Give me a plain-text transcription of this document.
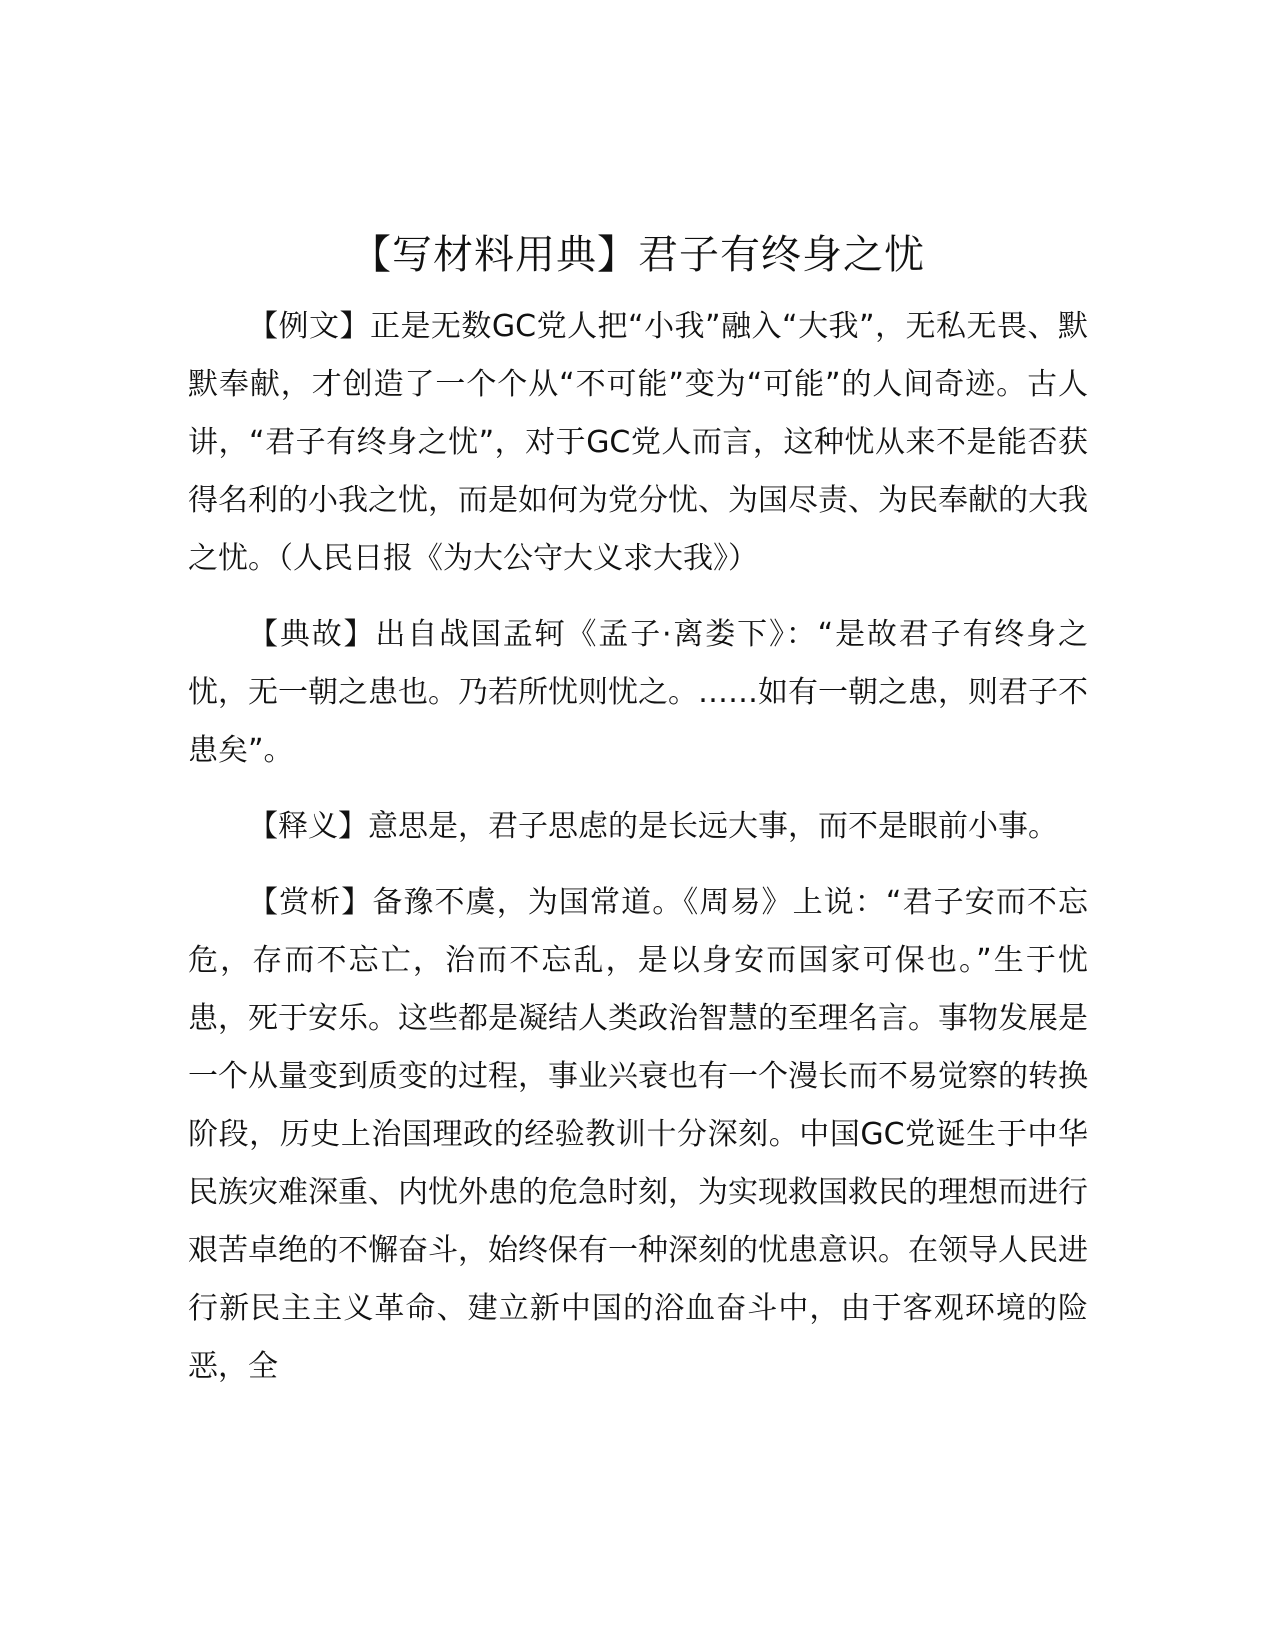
【写材料用典】君子有终身之忧

【例文】正是无数GC党人把“小我”融入“大我”，无私无畏、默默奉献，才创造了一个个从“不可能”变为“可能”的人间奇迹。古人讲，“君子有终身之忧”，对于GC党人而言，这种忧从来不是能否获得名利的小我之忧，而是如何为党分忧、为国尽责、为民奉献的大我之忧。（人民日报《为大公守大义求大我》）

【典故】出自战国孟轲《孟子·离娄下》：“是故君子有终身之忧，无一朝之患也。乃若所忧则忧之。……如有一朝之患，则君子不患矣”。

【释义】意思是，君子思虑的是长远大事，而不是眼前小事。

【赏析】备豫不虞，为国常道。《周易》上说：“君子安而不忘危，存而不忘亡，治而不忘乱，是以身安而国家可保也。”生于忧患，死于安乐。这些都是凝结人类政治智慧的至理名言。事物发展是一个从量变到质变的过程，事业兴衰也有一个漫长而不易觉察的转换阶段，历史上治国理政的经验教训十分深刻。中国GC党诞生于中华民族灾难深重、内忧外患的危急时刻，为实现救国救民的理想而进行艰苦卓绝的不懈奋斗，始终保有一种深刻的忧患意识。在领导人民进行新民主主义革命、建立新中国的浴血奋斗中，由于客观环境的险恶，全
